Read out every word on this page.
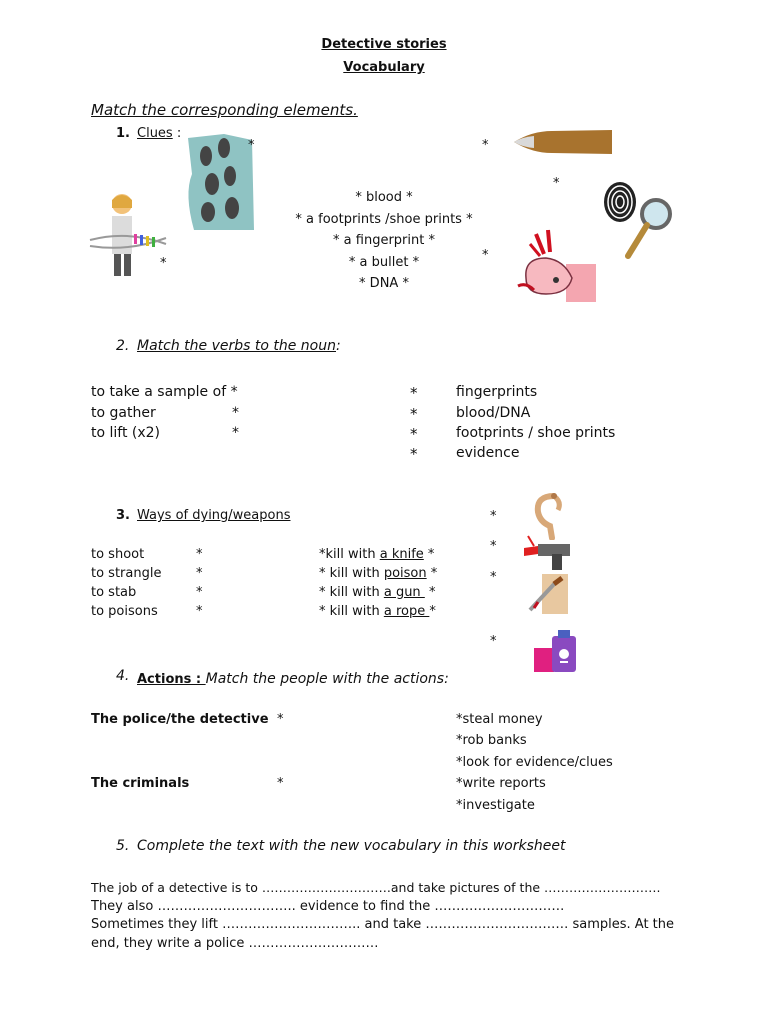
Detective stories
Vocabulary
Match the corresponding elements.
1. Clues :
*	*
*
*
* blood *
* a footprints /shoe prints *
* a fingerprint *
* a bullet *
* DNA *
*
2. Match the verbs to the noun:
to take a sample of *
to gather
to lift (x2)
*
*
*
*
*
*
fingerprints
blood/DNA
footprints / shoe prints
evidence
3. Ways of dying/weapons
to shoot
to strangle
to stab
to poisons
*
*
*
*
*kill with a knife *
* kill with poison *
* kill with a gun  *
* kill with a rope *
*
*
*
*
4. Actions : Match the people with the actions:
The police/the detective
The criminals
*
*
*steal money
*rob banks
*look for evidence/clues
*write reports
*investigate
5. Complete the text with the new vocabulary in this worksheet
The job of a detective is to ………………………….and take pictures of the ……………………….
They also ………………………….. evidence to find the …………………………
Sometimes they lift ………………………….. and take …………………………… samples. At the
end, they write a police …………………………
